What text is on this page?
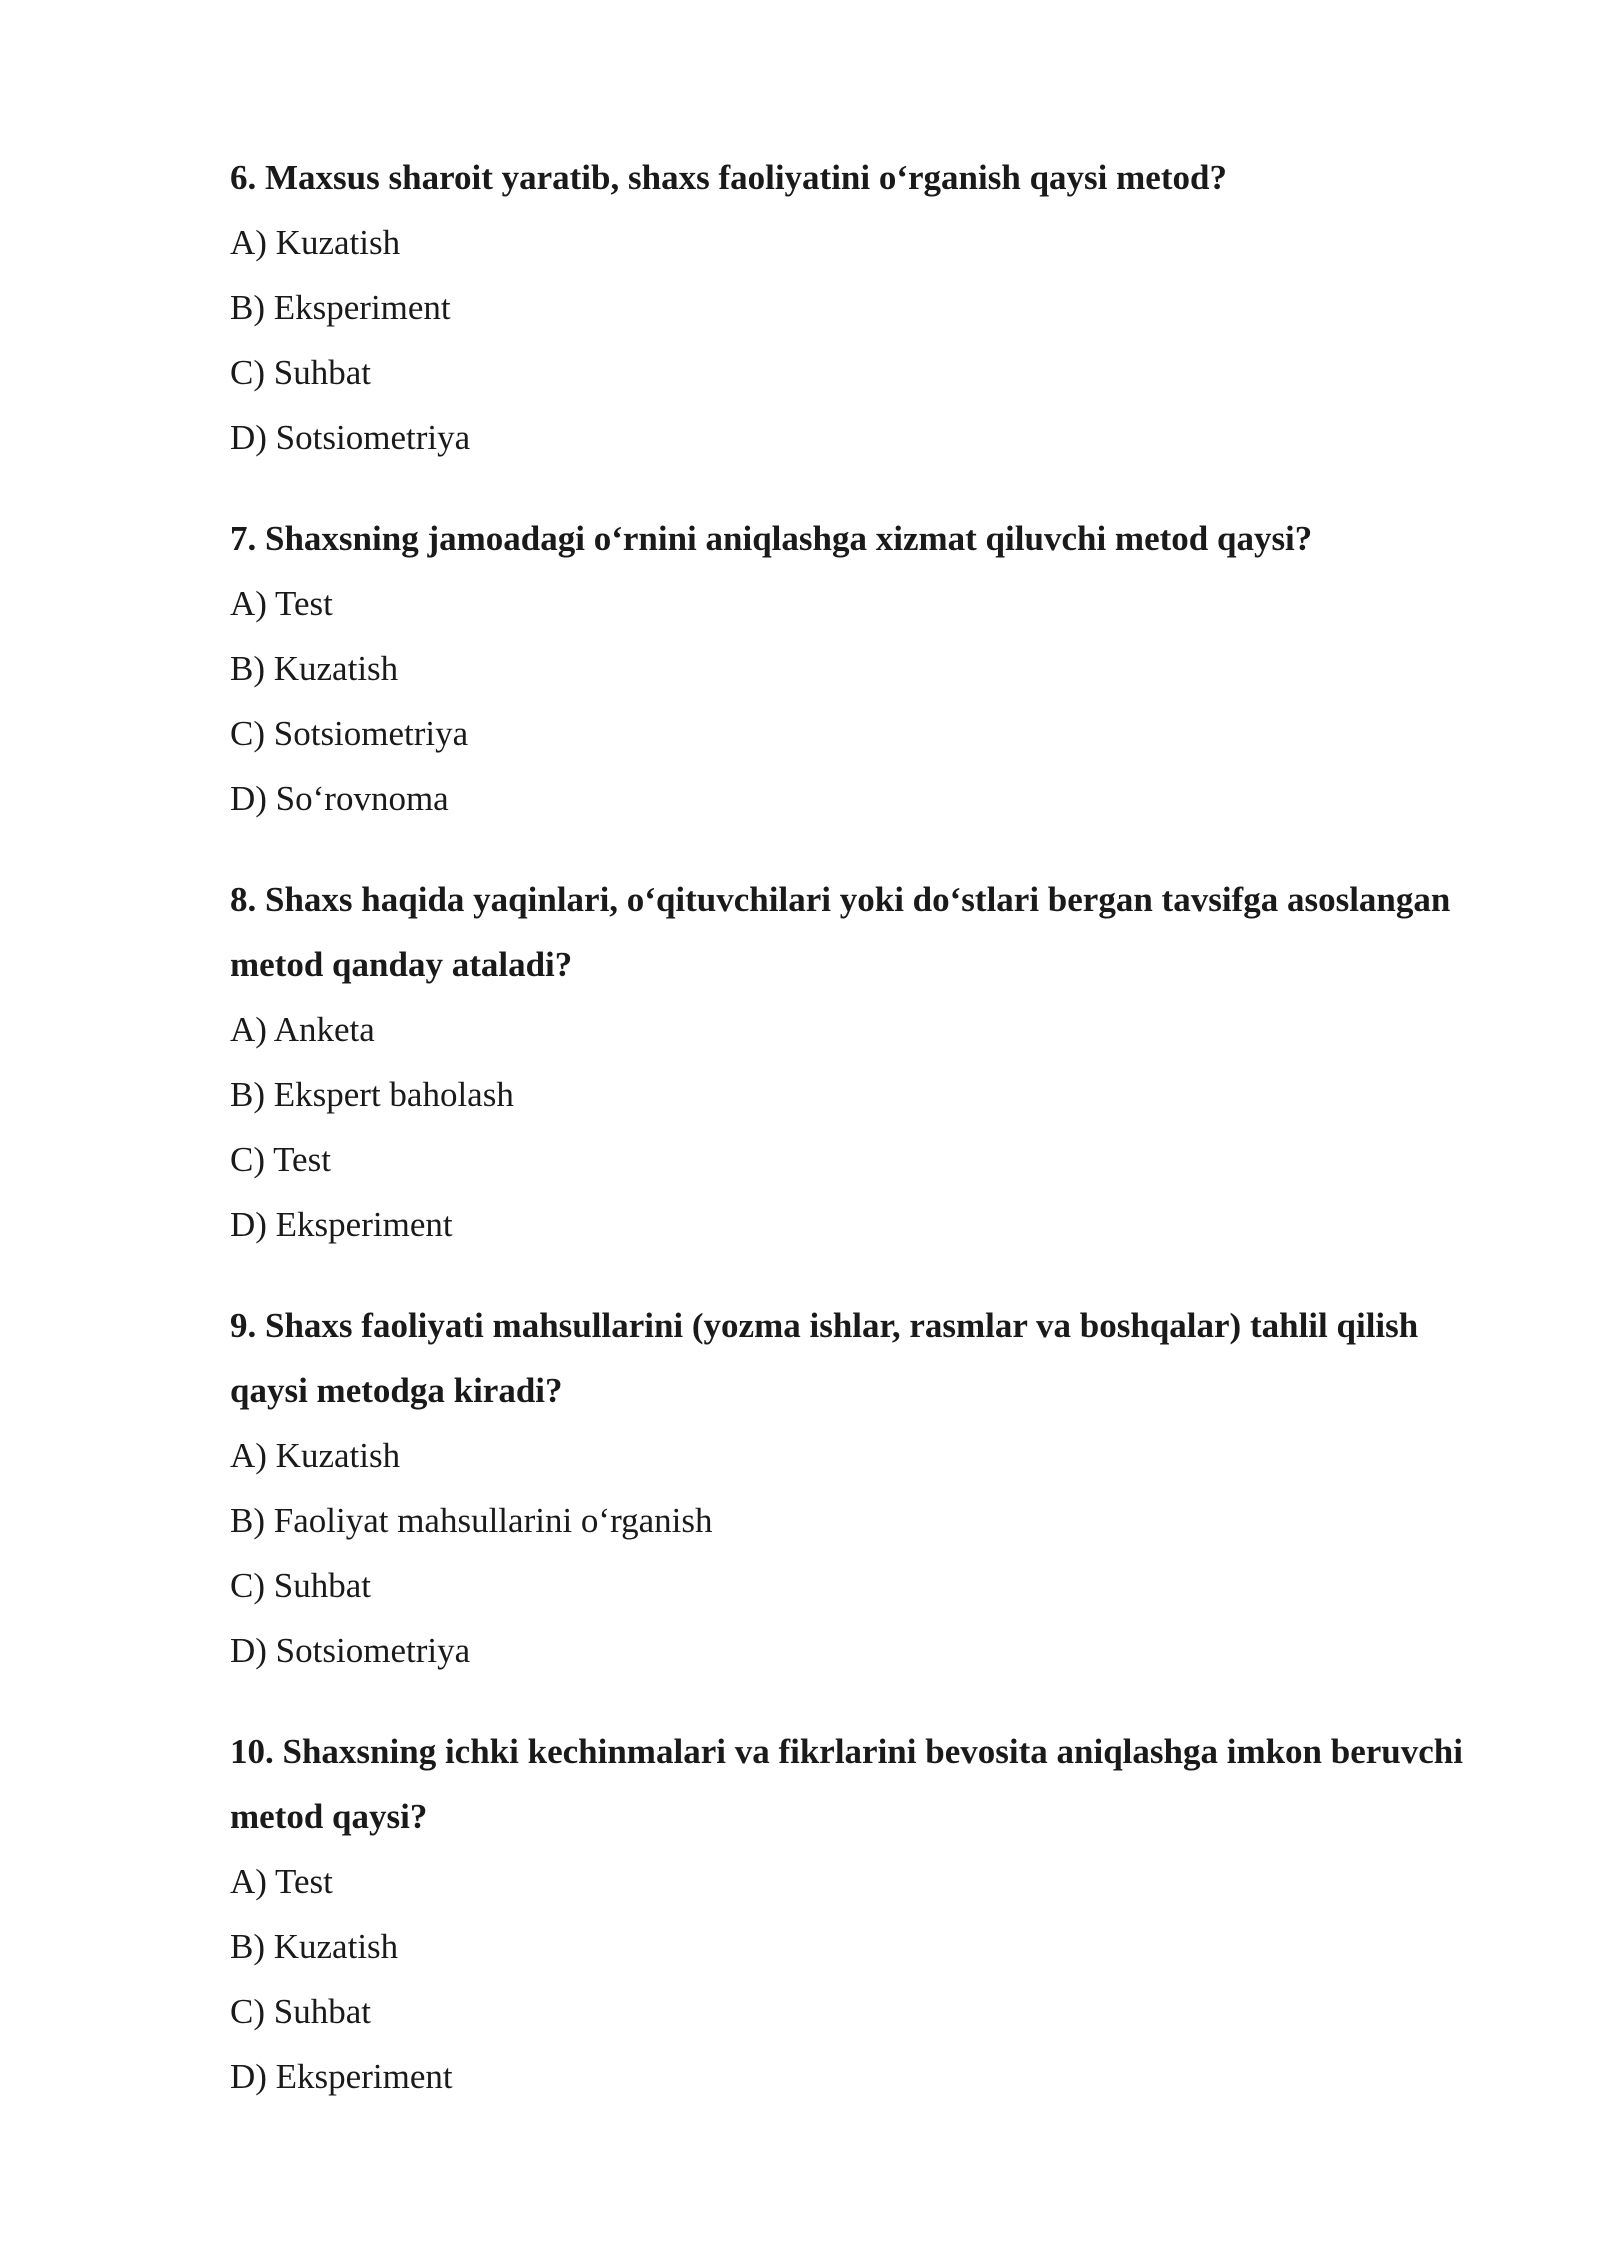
6. Maxsus sharoit yaratib, shaxs faoliyatini o‘rganish qaysi metod?

A) Kuzatish
B) Eksperiment
C) Suhbat
D) Sotsiometriya

7. Shaxsning jamoadagi o‘rnini aniqlashga xizmat qiluvchi metod qaysi?

A) Test
B) Kuzatish
C) Sotsiometriya
D) So‘rovnoma

8. Shaxs haqida yaqinlari, o‘qituvchilari yoki do‘stlari bergan tavsifga asoslangan metod qanday ataladi?

A) Anketa
B) Ekspert baholash
C) Test
D) Eksperiment

9. Shaxs faoliyati mahsullarini (yozma ishlar, rasmlar va boshqalar) tahlil qilish qaysi metodga kiradi?

A) Kuzatish
B) Faoliyat mahsullarini o‘rganish
C) Suhbat
D) Sotsiometriya

10. Shaxsning ichki kechinmalari va fikrlarini bevosita aniqlashga imkon beruvchi metod qaysi?

A) Test
B) Kuzatish
C) Suhbat
D) Eksperiment
